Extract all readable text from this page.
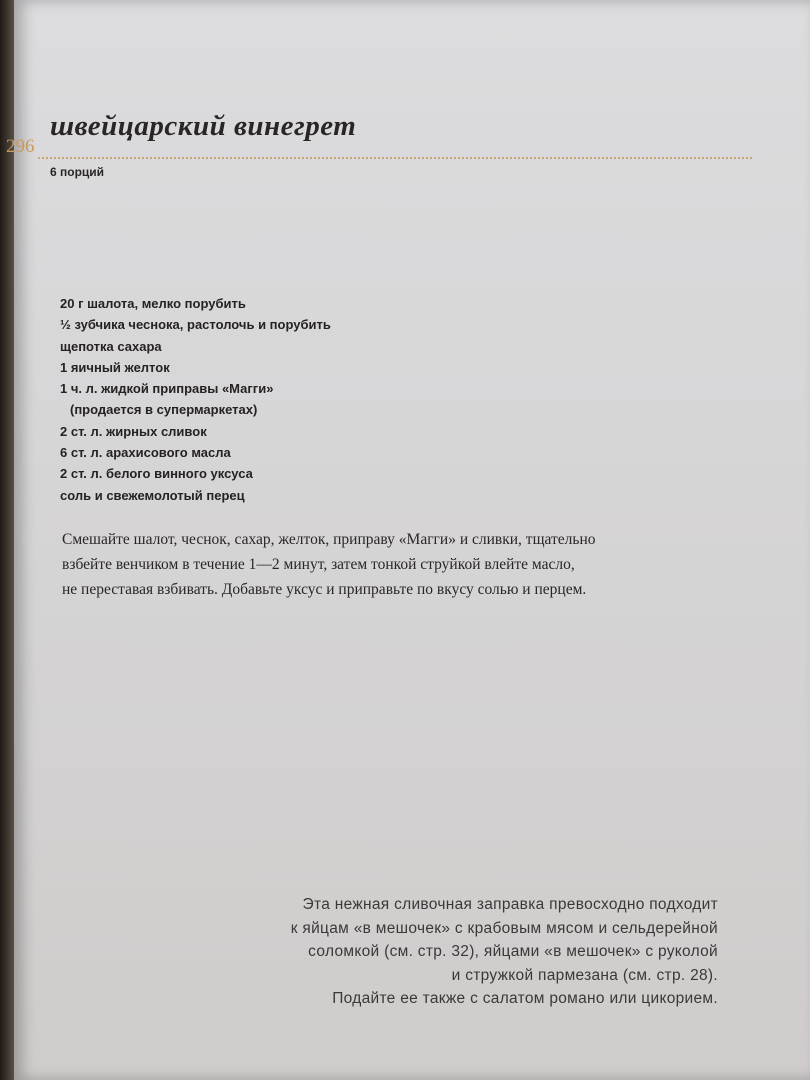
296
швейцарский винегрет
6 порций
20 г шалота, мелко порубить
½ зубчика чеснока, растолочь и порубить
щепотка сахара
1 яичный желток
1 ч. л. жидкой приправы «Магги»
(продается в супермаркетах)
2 ст. л. жирных сливок
6 ст. л. арахисового масла
2 ст. л. белого винного уксуса
соль и свежемолотый перец

Смешайте шалот, чеснок, сахар, желток, приправу «Магги» и сливки, тщательно

взбейте венчиком в течение 1—2 минут, затем тонкой струйкой влейте масло,

не переставая взбивать. Добавьте уксус и приправьте по вкусу солью и перцем.

Эта нежная сливочная заправка превосходно подходит

к яйцам «в мешочек» с крабовым мясом и сельдерейной

соломкой (см. стр. 32), яйцами «в мешочек» с руколой

и стружкой пармезана (см. стр. 28).

Подайте ее также с салатом романо или цикорием.
